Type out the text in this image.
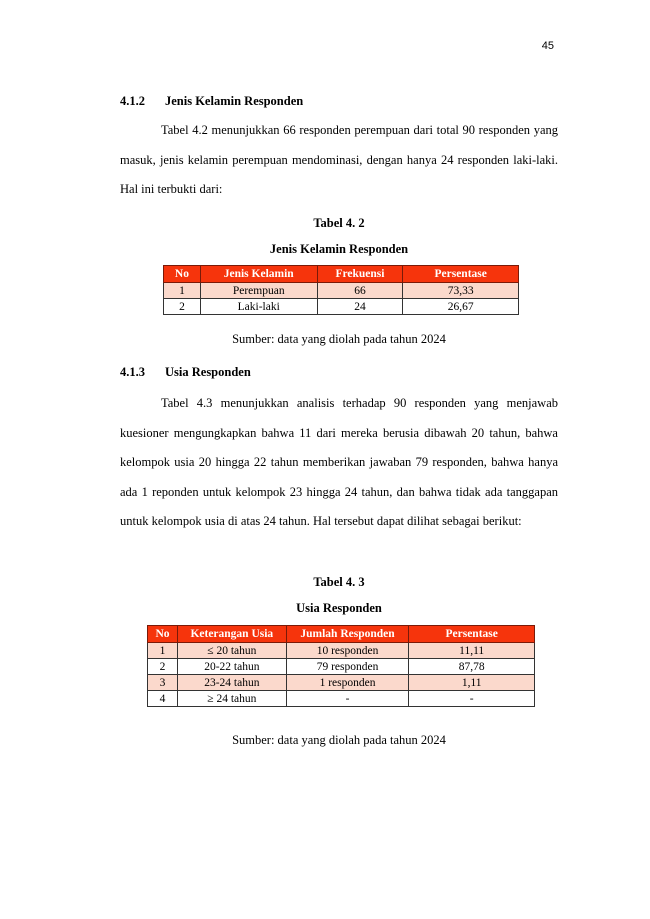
45
4.1.2 Jenis Kelamin Responden

Tabel 4.2 menunjukkan 66 responden perempuan dari total 90 responden yang masuk, jenis kelamin perempuan mendominasi, dengan hanya 24 responden laki-laki. Hal ini terbukti dari:

Tabel 4. 2
Jenis Kelamin Responden
No	Jenis Kelamin	Frekuensi	Persentase
1	Perempuan	66	73,33
2	Laki-laki	24	26,67
Sumber: data yang diolah pada tahun 2024
4.1.3 Usia Responden

Tabel 4.3 menunjukkan analisis terhadap 90 responden yang menjawab kuesioner mengungkapkan bahwa 11 dari mereka berusia dibawah 20 tahun, bahwa kelompok usia 20 hingga 22 tahun memberikan jawaban 79 responden, bahwa hanya ada 1 reponden untuk kelompok 23 hingga 24 tahun, dan bahwa tidak ada tanggapan untuk kelompok usia di atas 24 tahun. Hal tersebut dapat dilihat sebagai berikut:

Tabel 4. 3
Usia Responden
No	Keterangan Usia	Jumlah Responden	Persentase
1	≤ 20 tahun	10 responden	11,11
2	20-22 tahun	79 responden	87,78
3	23-24 tahun	1 responden	1,11
4	≥ 24 tahun	-	-
Sumber: data yang diolah pada tahun 2024
